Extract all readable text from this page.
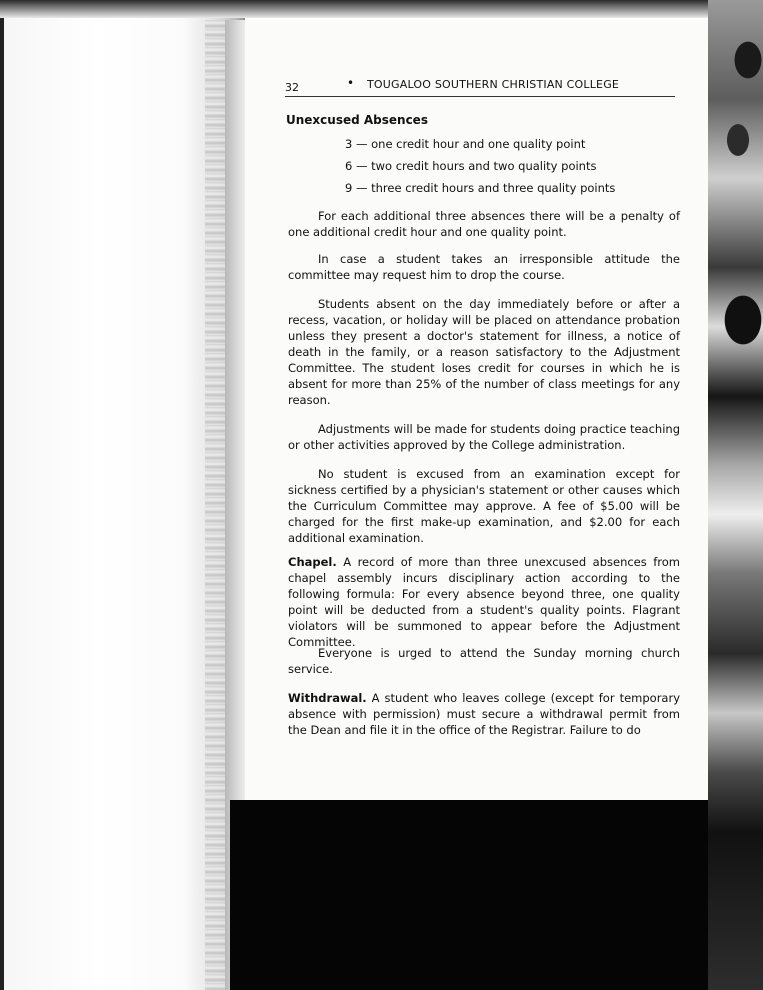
32	• TOUGALOO SOUTHERN CHRISTIAN COLLEGE
Unexcused Absences
3 — one credit hour and one quality point
6 — two credit hours and two quality points
9 — three credit hours and three quality points

For each additional three absences there will be a penalty of one additional credit hour and one quality point.

In case a student takes an irresponsible attitude the committee may request him to drop the course.

Students absent on the day immediately before or after a recess, vacation, or holiday will be placed on attendance probation unless they present a doctor's statement for illness, a notice of death in the family, or a reason satisfactory to the Adjustment Committee. The student loses credit for courses in which he is absent for more than 25% of the number of class meetings for any reason.

Adjustments will be made for students doing practice teaching or other activities approved by the College administration.

No student is excused from an examination except for sickness certified by a physician's statement or other causes which the Curriculum Committee may approve. A fee of $5.00 will be charged for the first make-up examination, and $2.00 for each additional examination.

Chapel. A record of more than three unexcused absences from chapel assembly incurs disciplinary action according to the following formula: For every absence beyond three, one quality point will be deducted from a student's quality points. Flagrant violators will be summoned to appear before the Adjustment Committee.

Everyone is urged to attend the Sunday morning church service.

Withdrawal. A student who leaves college (except for temporary absence with permission) must secure a withdrawal permit from the Dean and file it in the office of the Registrar. Failure to do
